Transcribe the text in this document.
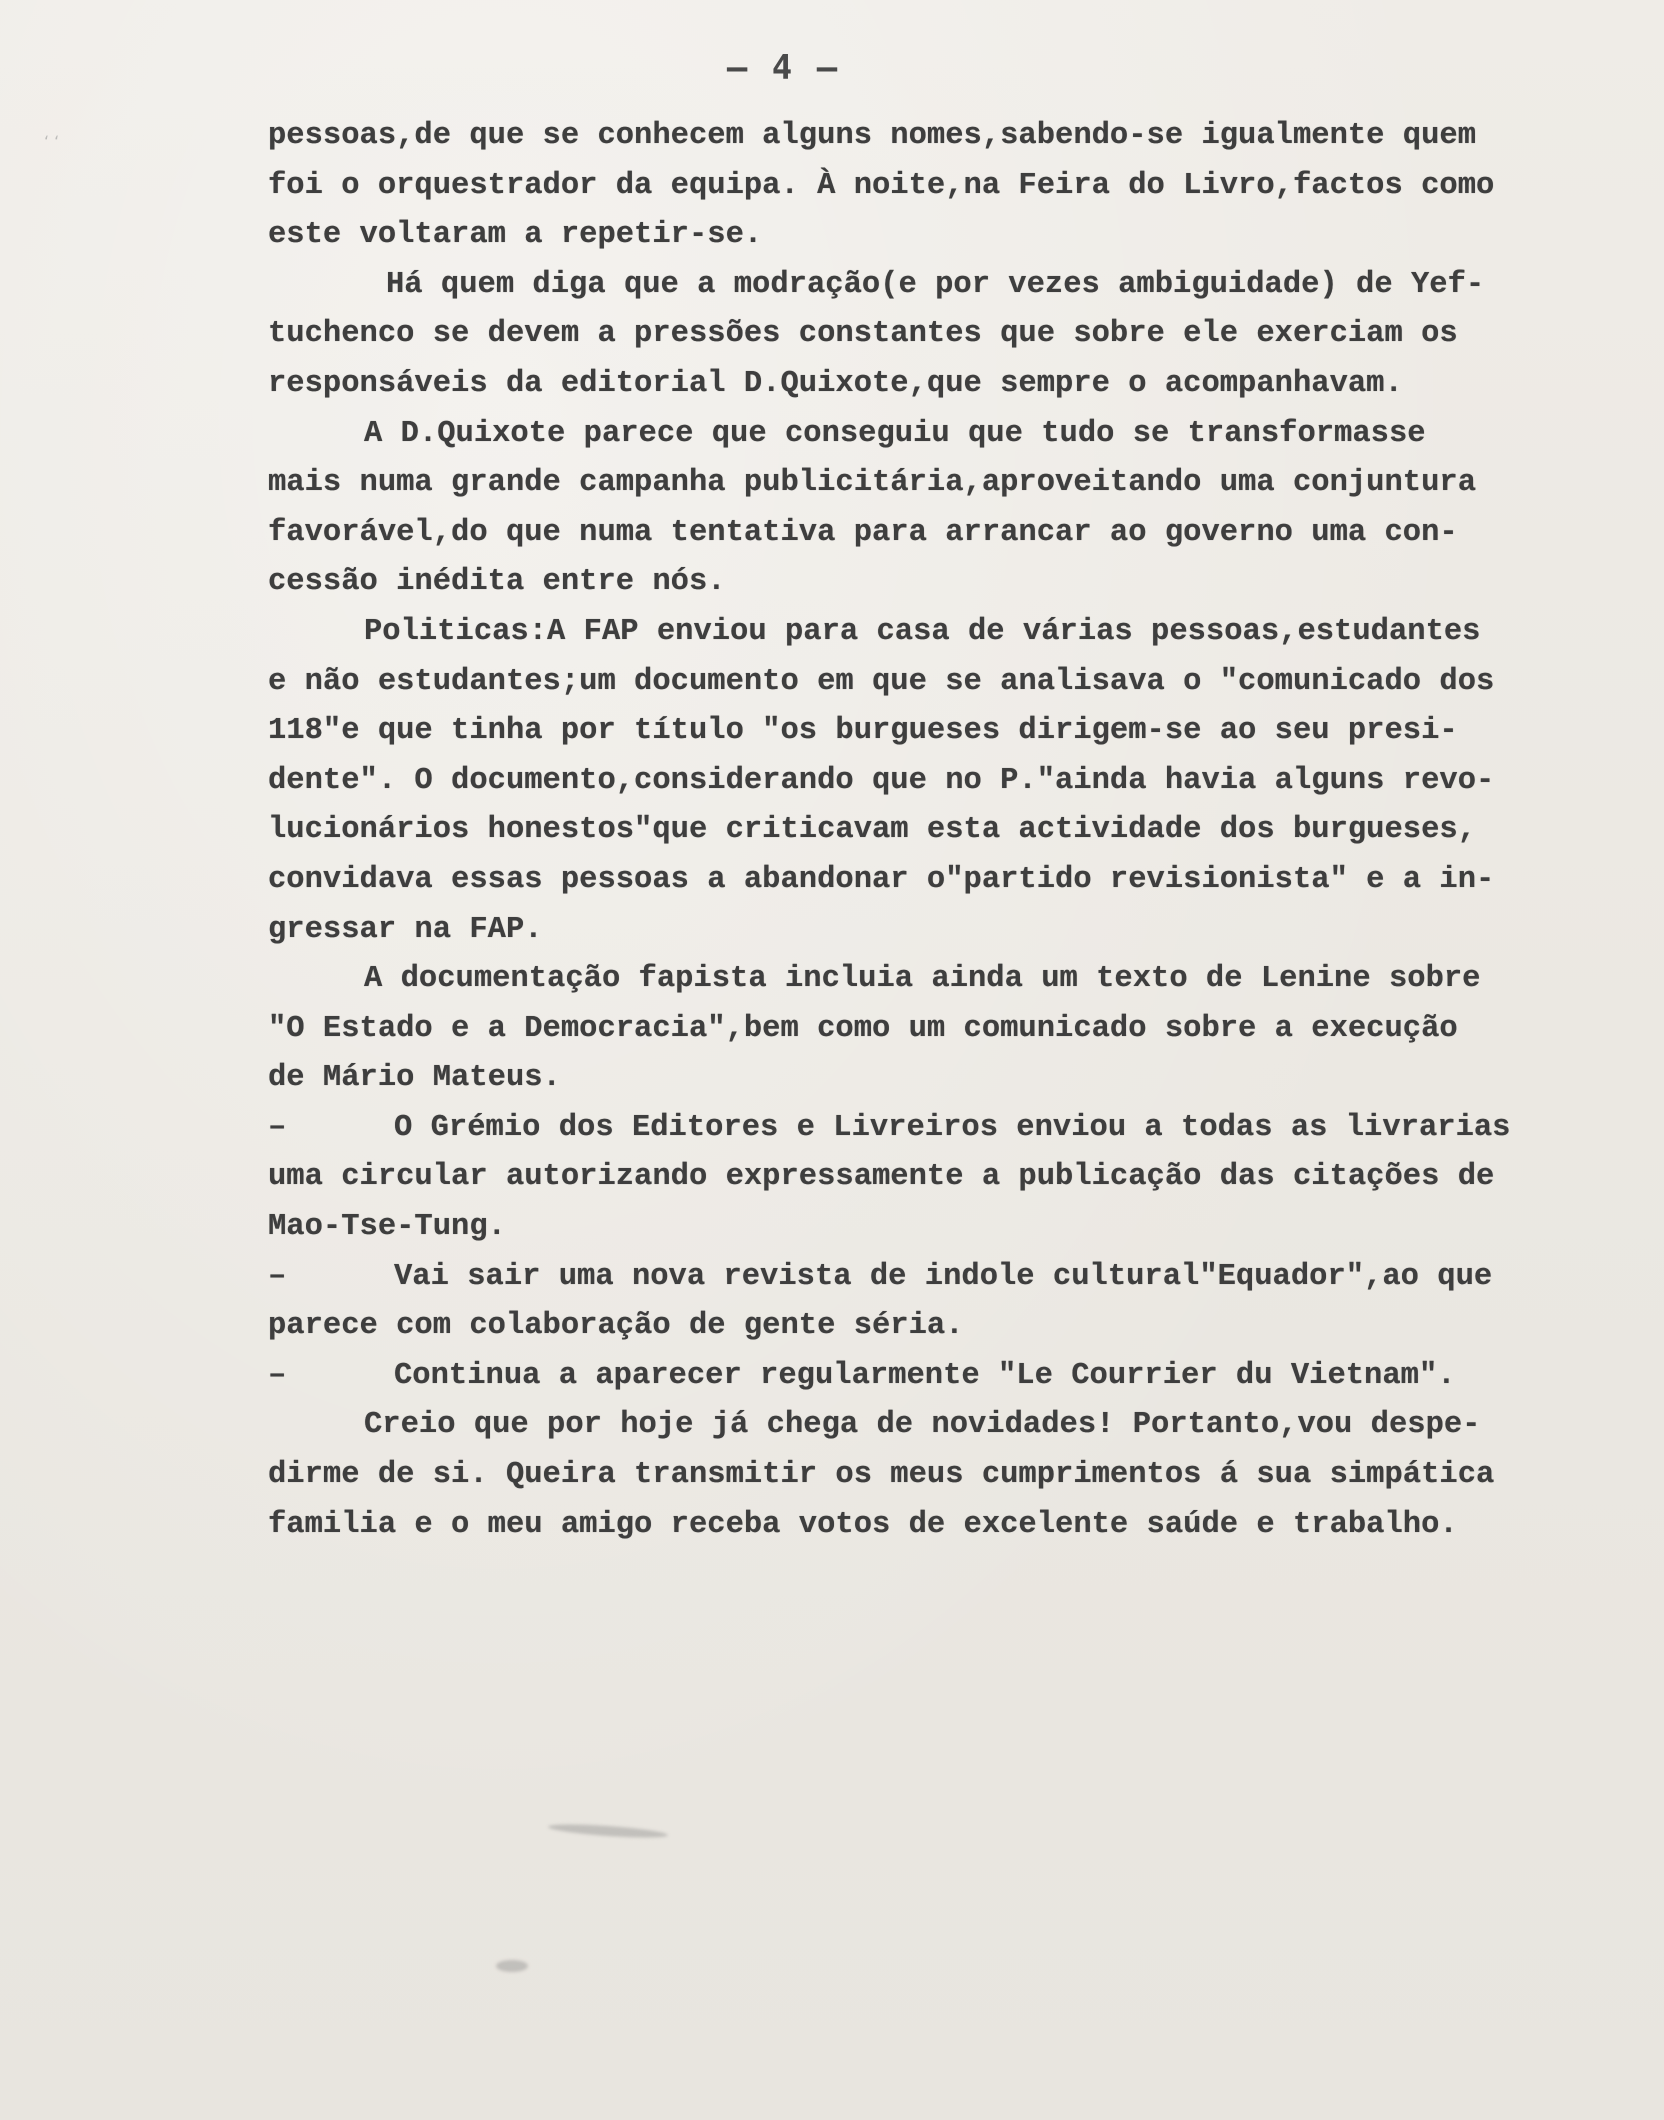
– 4 –
‘ ‘	pessoas,de que se conhecem alguns nomes,sabendo-se igualmente quem
foi o orquestrador da equipa. À noite,na Feira do Livro,factos como
este voltaram a repetir-se.
Há quem diga que a modração(e por vezes ambiguidade) de Yef-
tuchenco se devem a pressões constantes que sobre ele exerciam os
responsáveis da editorial D.Quixote,que sempre o acompanhavam.
A D.Quixote parece que conseguiu que tudo se transformasse
mais numa grande campanha publicitária,aproveitando uma conjuntura
favorável,do que numa tentativa para arrancar ao governo uma con-
cessão inédita entre nós.
Politicas:A FAP enviou para casa de várias pessoas,estudantes
e não estudantes;um documento em que se analisava o "comunicado dos
118"e que tinha por título "os burgueses dirigem-se ao seu presi-
dente". O documento,considerando que no P."ainda havia alguns revo-
lucionários honestos"que criticavam esta actividade dos burgueses,
convidava essas pessoas a abandonar o"partido revisionista" e a in-
gressar na FAP.
A documentação fapista incluia ainda um texto de Lenine sobre
"O Estado e a Democracia",bem como um comunicado sobre a execução
de Mário Mateus.
–	O Grémio dos Editores e Livreiros enviou a todas as livrarias
uma circular autorizando expressamente a publicação das citações de
Mao-Tse-Tung.
–	Vai sair uma nova revista de indole cultural"Equador",ao que
parece com colaboração de gente séria.
–	Continua a aparecer regularmente "Le Courrier du Vietnam".
Creio que por hoje já chega de novidades! Portanto,vou despe-
dirme de si. Queira transmitir os meus cumprimentos á sua simpática
familia e o meu amigo receba votos de excelente saúde e trabalho.
